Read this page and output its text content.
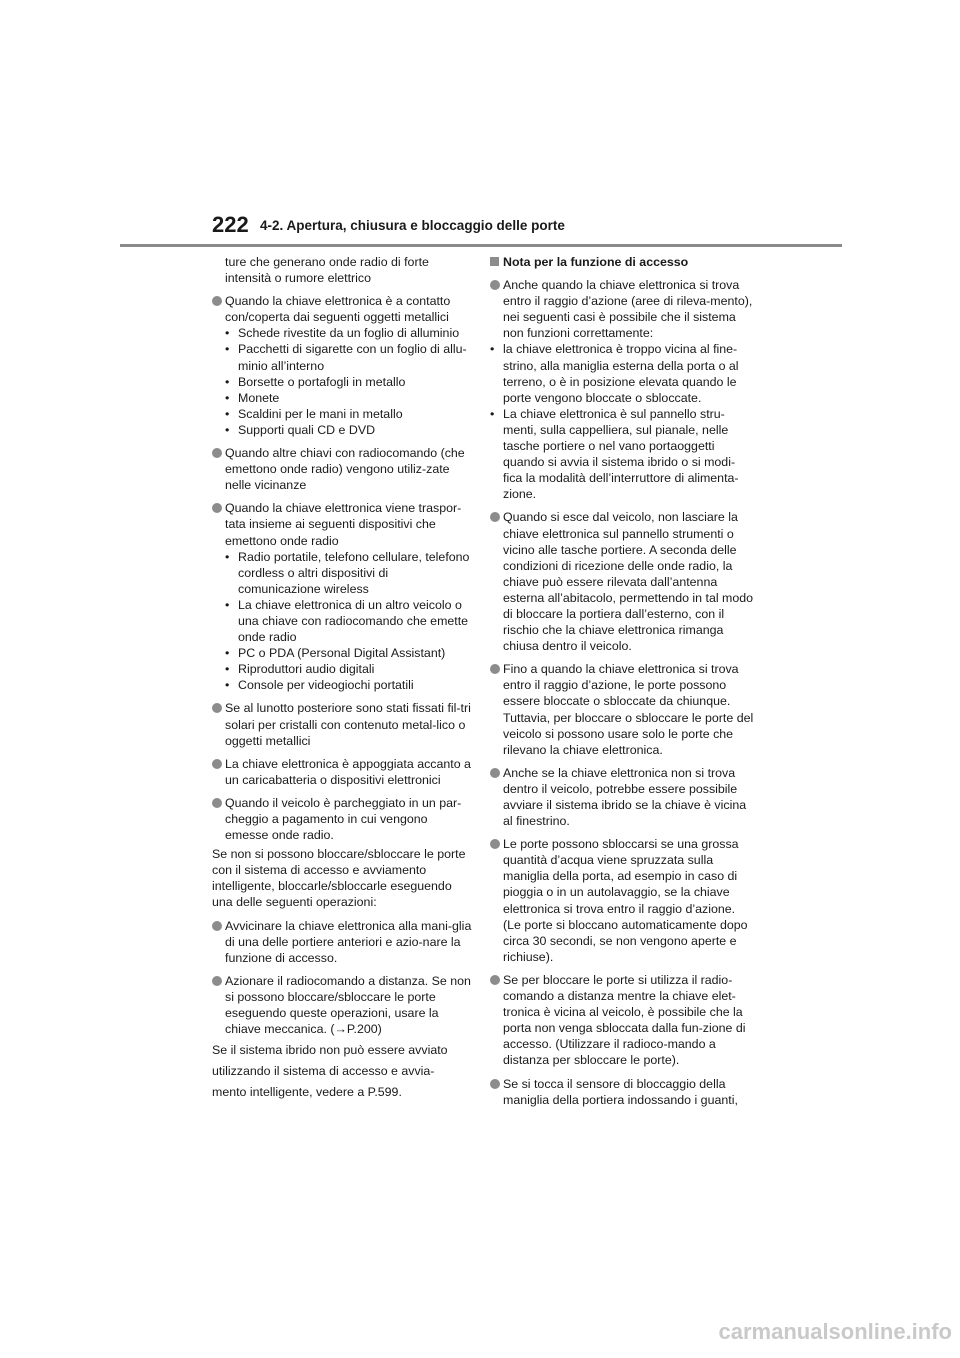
222 4-2. Apertura, chiusura e bloccaggio delle porte
ture che generano onde radio di forte intensità o rumore elettrico
Quando la chiave elettronica è a contatto con/coperta dai seguenti oggetti metallici
• Schede rivestite da un foglio di alluminio
• Pacchetti di sigarette con un foglio di allu-minio all’interno
• Borsette o portafogli in metallo
• Monete
• Scaldini per le mani in metallo
• Supporti quali CD e DVD
Quando altre chiavi con radiocomando (che emettono onde radio) vengono utiliz-zate nelle vicinanze
Quando la chiave elettronica viene traspor-tata insieme ai seguenti dispositivi che emettono onde radio
• Radio portatile, telefono cellulare, telefono cordless o altri dispositivi di comunicazione wireless
• La chiave elettronica di un altro veicolo o una chiave con radiocomando che emette onde radio
• PC o PDA (Personal Digital Assistant)
• Riproduttori audio digitali
• Console per videogiochi portatili
Se al lunotto posteriore sono stati fissati fil-tri solari per cristalli con contenuto metal-lico o oggetti metallici
La chiave elettronica è appoggiata accanto a un caricabatteria o dispositivi elettronici
Quando il veicolo è parcheggiato in un par-cheggio a pagamento in cui vengono emesse onde radio.
Se non si possono bloccare/sbloccare le porte con il sistema di accesso e avviamento intelligente, bloccarle/sbloccarle eseguendo una delle seguenti operazioni:
Avvicinare la chiave elettronica alla mani-glia di una delle portiere anteriori e azio-nare la funzione di accesso.
Azionare il radiocomando a distanza. Se non si possono bloccare/sbloccare le porte eseguendo queste operazioni, usare la chiave meccanica. (→P.200)
Se il sistema ibrido non può essere avviato
utilizzando il sistema di accesso e avvia-
mento intelligente, vedere a P.599.
Nota per la funzione di accesso
Anche quando la chiave elettronica si trova entro il raggio d’azione (aree di rileva-mento), nei seguenti casi è possibile che il sistema non funzioni correttamente:
• la chiave elettronica è troppo vicina al fine-strino, alla maniglia esterna della porta o al terreno, o è in posizione elevata quando le porte vengono bloccate o sbloccate.
• La chiave elettronica è sul pannello stru-menti, sulla cappelliera, sul pianale, nelle tasche portiere o nel vano portaoggetti quando si avvia il sistema ibrido o si modi-fica la modalità dell’interruttore di alimenta-zione.
Quando si esce dal veicolo, non lasciare la chiave elettronica sul pannello strumenti o vicino alle tasche portiere. A seconda delle condizioni di ricezione delle onde radio, la chiave può essere rilevata dall’antenna esterna all’abitacolo, permettendo in tal modo di bloccare la portiera dall’esterno, con il rischio che la chiave elettronica rimanga chiusa dentro il veicolo.
Fino a quando la chiave elettronica si trova entro il raggio d’azione, le porte possono essere bloccate o sbloccate da chiunque. Tuttavia, per bloccare o sbloccare le porte del veicolo si possono usare solo le porte che rilevano la chiave elettronica.
Anche se la chiave elettronica non si trova dentro il veicolo, potrebbe essere possibile avviare il sistema ibrido se la chiave è vicina al finestrino.
Le porte possono sbloccarsi se una grossa quantità d’acqua viene spruzzata sulla maniglia della porta, ad esempio in caso di pioggia o in un autolavaggio, se la chiave elettronica si trova entro il raggio d’azione. (Le porte si bloccano automaticamente dopo circa 30 secondi, se non vengono aperte e richiuse).
Se per bloccare le porte si utilizza il radio-comando a distanza mentre la chiave elet-tronica è vicina al veicolo, è possibile che la porta non venga sbloccata dalla fun-zione di accesso. (Utilizzare il radioco-mando a distanza per sbloccare le porte).
Se si tocca il sensore di bloccaggio della maniglia della portiera indossando i guanti,
carmanualsonline.info
